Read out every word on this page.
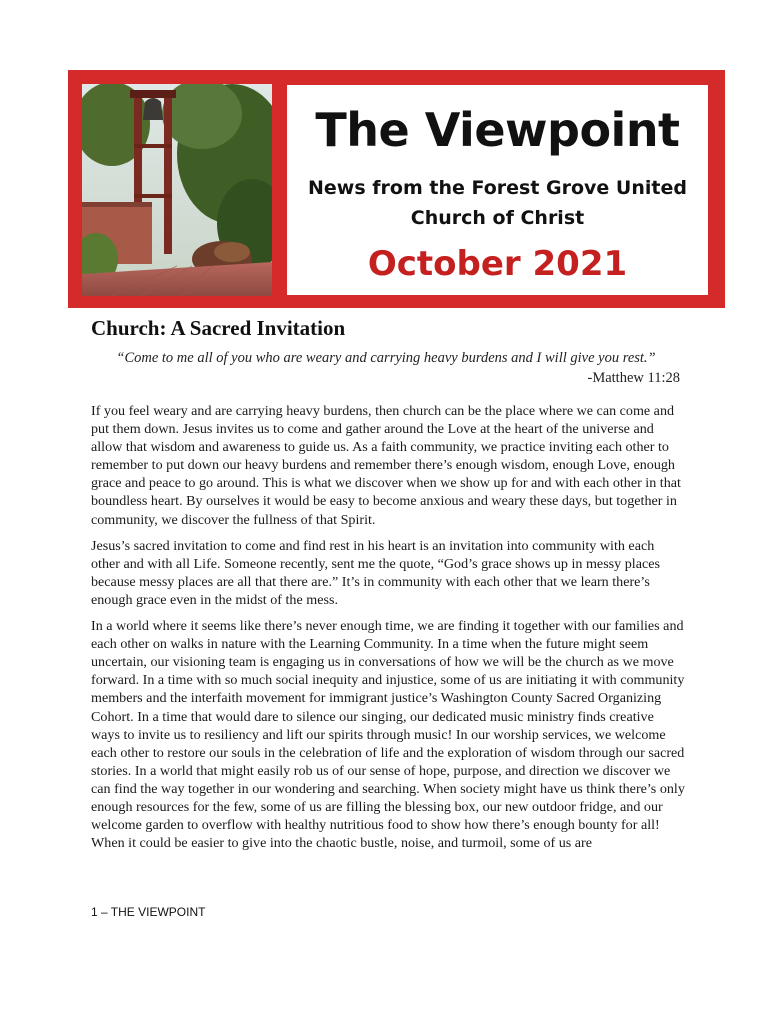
The Viewpoint
News from the Forest Grove United
Church of Christ
October 2021
Church: A Sacred Invitation
“Come to me all of you who are weary and carrying heavy burdens and I will give you rest.”
-Matthew 11:28

If you feel weary and are carrying heavy burdens, then church can be the place where we can come and put them down. Jesus invites us to come and gather around the Love at the heart of the universe and allow that wisdom and awareness to guide us. As a faith community, we practice inviting each other to remember to put down our heavy burdens and remember there’s enough wisdom, enough Love, enough grace and peace to go around. This is what we discover when we show up for and with each other in that boundless heart. By ourselves it would be easy to become anxious and weary these days, but together in community, we discover the fullness of that Spirit.

Jesus’s sacred invitation to come and find rest in his heart is an invitation into community with each other and with all Life. Someone recently, sent me the quote, “God’s grace shows up in messy places because messy places are all that there are.” It’s in community with each other that we learn there’s enough grace even in the midst of the mess.

In a world where it seems like there’s never enough time, we are finding it together with our families and each other on walks in nature with the Learning Community. In a time when the future might seem uncertain, our visioning team is engaging us in conversations of how we will be the church as we move forward. In a time with so much social inequity and injustice, some of us are initiating it with community members and the interfaith movement for immigrant justice’s Washington County Sacred Organizing Cohort. In a time that would dare to silence our singing, our dedicated music ministry finds creative ways to invite us to resiliency and lift our spirits through music! In our worship services, we welcome each other to restore our souls in the celebration of life and the exploration of wisdom through our sacred stories. In a world that might easily rob us of our sense of hope, purpose, and direction we discover we can find the way together in our wondering and searching. When society might have us think there’s only enough resources for the few, some of us are filling the blessing box, our new outdoor fridge, and our welcome garden to overflow with healthy nutritious food to show how there’s enough bounty for all! When it could be easier to give into the chaotic bustle, noise, and turmoil, some of us are

1 – THE VIEWPOINT
